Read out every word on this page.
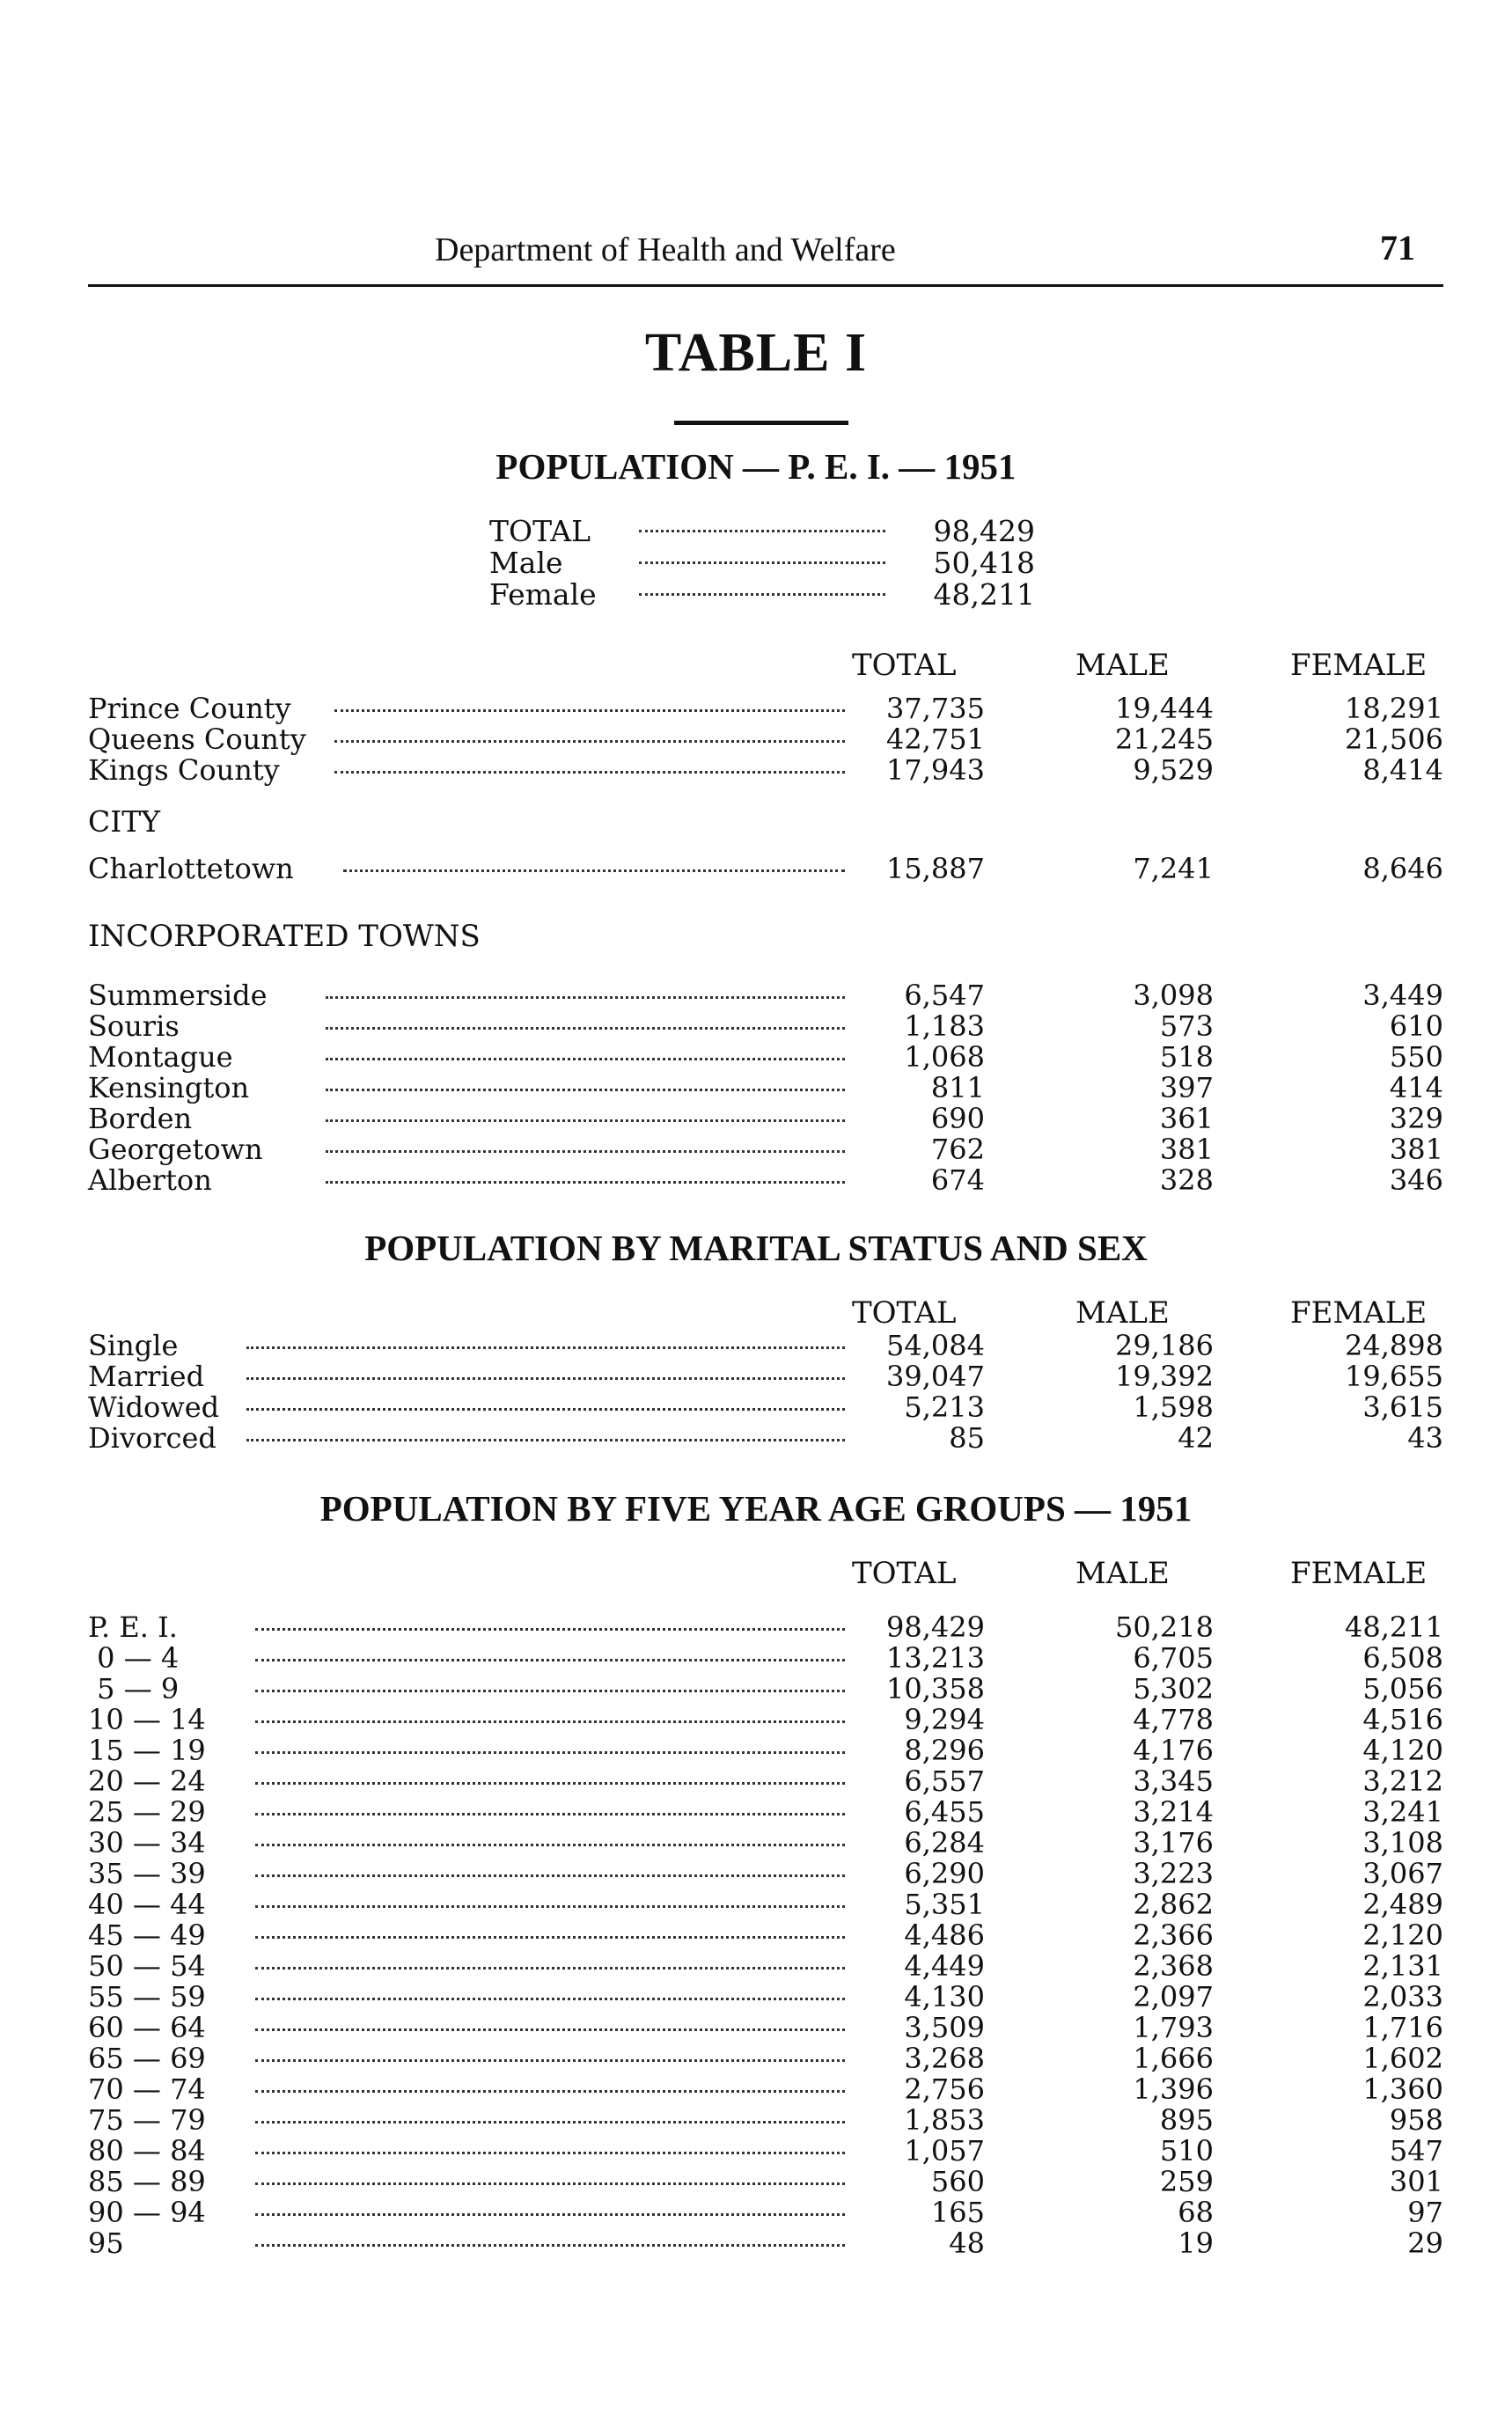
Department of Health and Welfare	71
TABLE I
POPULATION — P. E. I. — 1951
TOTAL	98,429
Male	50,418
Female	48,211
TOTAL	MALE	FEMALE
Prince County	37,735	19,444	18,291
Queens County	42,751	21,245	21,506
Kings County	17,943	9,529	8,414
CITY
Charlottetown	15,887	7,241	8,646
INCORPORATED TOWNS
Summerside	6,547	3,098	3,449
Souris	1,183	573	610
Montague	1,068	518	550
Kensington	811	397	414
Borden	690	361	329
Georgetown	762	381	381
Alberton	674	328	346
POPULATION BY MARITAL STATUS AND SEX
TOTAL	MALE	FEMALE
Single	54,084	29,186	24,898
Married	39,047	19,392	19,655
Widowed	5,213	1,598	3,615
Divorced	85	42	43
POPULATION BY FIVE YEAR AGE GROUPS — 1951
TOTAL	MALE	FEMALE
P. E. I.	98,429	50,218	48,211
0 — 4	13,213	6,705	6,508
5 — 9	10,358	5,302	5,056
10 — 14	9,294	4,778	4,516
15 — 19	8,296	4,176	4,120
20 — 24	6,557	3,345	3,212
25 — 29	6,455	3,214	3,241
30 — 34	6,284	3,176	3,108
35 — 39	6,290	3,223	3,067
40 — 44	5,351	2,862	2,489
45 — 49	4,486	2,366	2,120
50 — 54	4,449	2,368	2,131
55 — 59	4,130	2,097	2,033
60 — 64	3,509	1,793	1,716
65 — 69	3,268	1,666	1,602
70 — 74	2,756	1,396	1,360
75 — 79	1,853	895	958
80 — 84	1,057	510	547
85 — 89	560	259	301
90 — 94	165	68	97
95	48	19	29
